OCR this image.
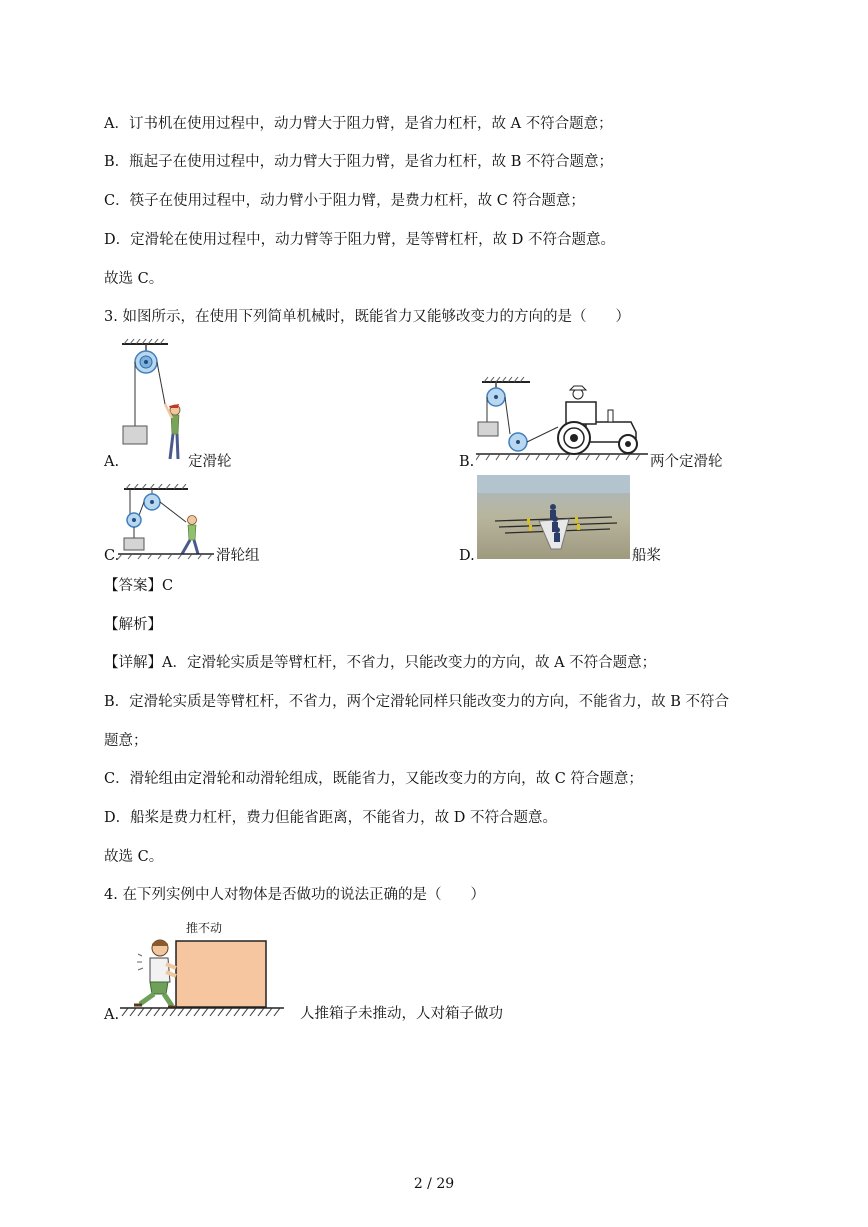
A．订书机在使用过程中，动力臂大于阻力臂，是省力杠杆，故 A 不符合题意；
B．瓶起子在使用过程中，动力臂大于阻力臂，是省力杠杆，故 B 不符合题意；
C．筷子在使用过程中，动力臂小于阻力臂，是费力杠杆，故 C 符合题意；
D．定滑轮在使用过程中，动力臂等于阻力臂，是等臂杠杆，故 D 不符合题意。
故选 C。
3. 如图所示，在使用下列简单机械时，既能省力又能够改变力的方向的是（　　）
A.	定滑轮	B.	两个定滑轮
C.	滑轮组	D.	船桨
【答案】C
【解析】
【详解】A．定滑轮实质是等臂杠杆，不省力，只能改变力的方向，故 A 不符合题意；
B．定滑轮实质是等臂杠杆，不省力，两个定滑轮同样只能改变力的方向，不能省力，故 B 不符合
题意；
C．滑轮组由定滑轮和动滑轮组成，既能省力，又能改变力的方向，故 C 符合题意；
D．船桨是费力杠杆，费力但能省距离，不能省力，故 D 不符合题意。
故选 C。
4. 在下列实例中人对物体是否做功的说法正确的是（　　）
推不动
A.	人推箱子未推动，人对箱子做功
2 / 29
